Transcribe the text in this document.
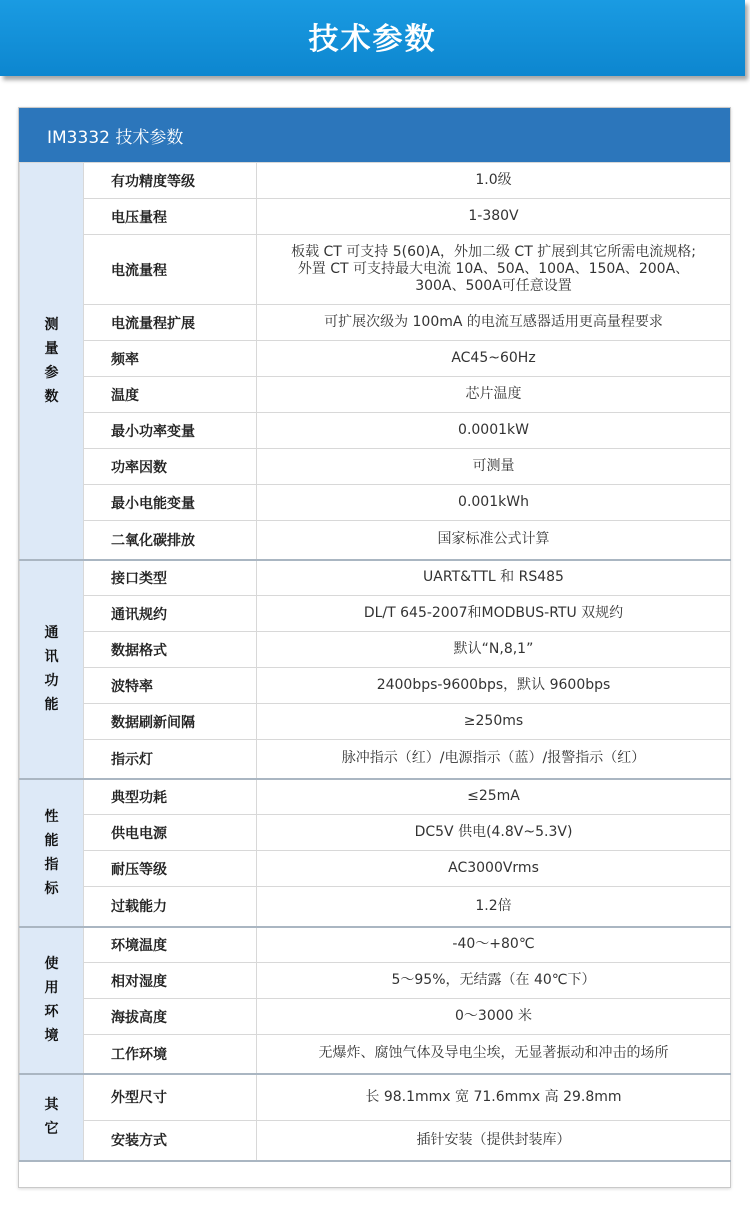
技术参数
IM3332 技术参数
测量参数	有功精度等级	1.0级
	电压量程	1-380V
	电流量程	板载 CT 可支持 5(60)A，外加二级 CT 扩展到其它所需电流规格;
外置 CT 可支持最大电流 10A、50A、100A、150A、200A、
300A、500A可任意设置
	电流量程扩展	可扩展次级为 100mA 的电流互感器适用更高量程要求
	频率	AC45~60Hz
	温度	芯片温度
	最小功率变量	0.0001kW
	功率因数	可测量
	最小电能变量	0.001kWh
	二氧化碳排放	国家标准公式计算

通讯功能	接口类型	UART&TTL 和 RS485
	通讯规约	DL/T 645-2007和MODBUS-RTU 双规约
	数据格式	默认“N,8,1”
	波特率	2400bps-9600bps，默认 9600bps
	数据刷新间隔	≥250ms
	指示灯	脉冲指示（红）/电源指示（蓝）/报警指示（红）

性能指标	典型功耗	≤25mA
	供电电源	DC5V 供电(4.8V~5.3V)
	耐压等级	AC3000Vrms
	过载能力	1.2倍

使用环境	环境温度	-40～+80℃
	相对湿度	5～95%，无结露（在 40℃下）
	海拔高度	0～3000 米
	工作环境	无爆炸、腐蚀气体及导电尘埃，无显著振动和冲击的场所

其它	外型尺寸	长 98.1mmx 宽 71.6mmx 高 29.8mm
	安装方式	插针安装（提供封装库）
